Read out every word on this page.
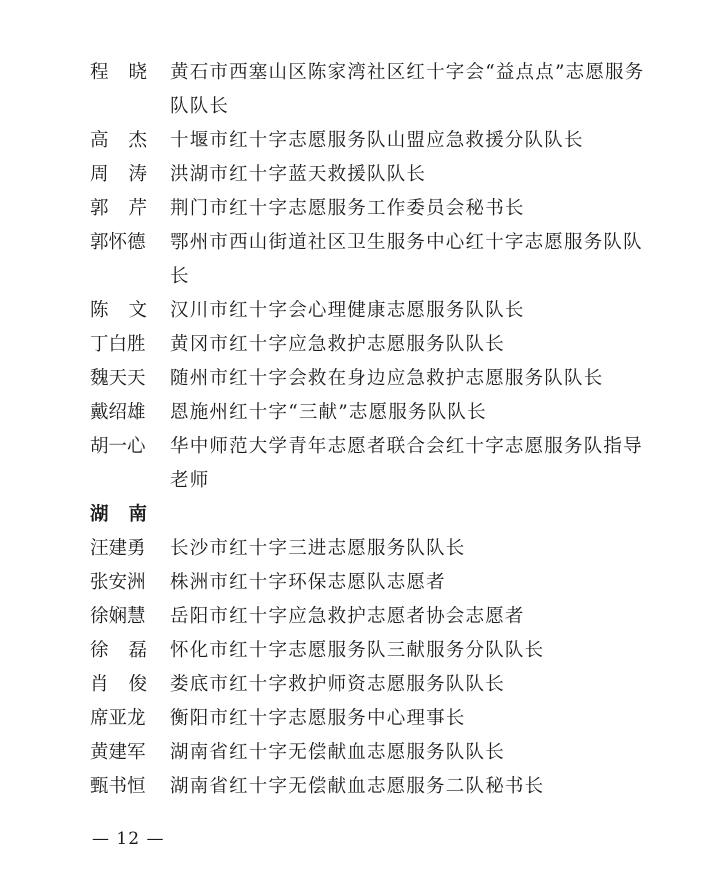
程晓 黄石市西塞山区陈家湾社区红十字会“益点点”志愿服务队队长
高杰 十堰市红十字志愿服务队山盟应急救援分队队长
周涛 洪湖市红十字蓝天救援队队长
郭芹 荆门市红十字志愿服务工作委员会秘书长
郭怀德	鄂州市西山街道社区卫生服务中心红十字志愿服务队队长
陈文 汉川市红十字会心理健康志愿服务队队长
丁白胜	黄冈市红十字应急救护志愿服务队队长
魏天天	随州市红十字会救在身边应急救护志愿服务队队长
戴绍雄	恩施州红十字“三献”志愿服务队队长
胡一心	华中师范大学青年志愿者联合会红十字志愿服务队指导老师
湖南
汪建勇	长沙市红十字三进志愿服务队队长
张安洲	株洲市红十字环保志愿队志愿者
徐娴慧	岳阳市红十字应急救护志愿者协会志愿者
徐磊 怀化市红十字志愿服务队三献服务分队队长
肖俊 娄底市红十字救护师资志愿服务队队长
席亚龙	衡阳市红十字志愿服务中心理事长
黄建军	湖南省红十字无偿献血志愿服务队队长
甄书恒	湖南省红十字无偿献血志愿服务二队秘书长
— 12 —
